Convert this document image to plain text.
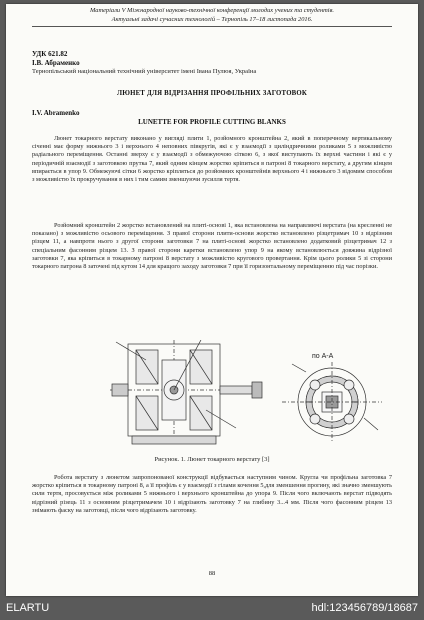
Матеріали V Міжнародної науково-технічної конференції молодих учених та студентів.
Актуальні задачі сучасних технологій – Тернопіль 17–18 листопада 2016.
УДК 621.82
І.В. Абраменко
Тернопільський національний технічний університет імені Івана Пулюя, Україна
ЛЮНЕТ ДЛЯ ВІДРІЗАННЯ ПРОФІЛЬНИХ ЗАГОТОВОК
I.V. Abramenko
LUNETTE FOR PROFILE CUTTING BLANKS

Люнет токарного верстату виконано у вигляді плити 1, розйомного кронштейна 2, який в поперечному вертикальному січенні має форму нижнього 3 і верхнього 4 неповних півкругів, які є у взаємодії з циліндричними роликами 5 з можливістю радіального переміщення. Останні зверху є у взаємодії з обмежуючою сіткою 6, з якої виступають їх верхні частини і які є у періодичній взаємодії з заготовкою прутка 7, який одним кінцем жорстко кріпиться в патроні 8 токарного верстату, а другим кінцем впирається в упор 9. Обмежуючі сітки 6 жорстко кріпляться до розйомних кронштейнів верхнього 4 і нижнього 3 відомим способом з можливістю їх прокручування в них і тим самим зменшуючи зусилля тертя.

Розйомний кронштейн 2 жорстко встановлений на плиті-основі 1, яка встановлена на направляючі верстата (на кресленні не показано) з можливістю осьового переміщення. З правої сторони плити-основи жорстко встановлено різцетримач 10 з відрізним різцем 11, а навпроти нього з другої сторони заготовки 7 на плиті-основі жорстко встановлено додатковий різцетримач 12 з спеціальним фасонним різцем 13. З правої сторони каретки встановлено упор 9 на якому встановлюється довжина відрізної заготовки 7, яка кріпиться в токарному патроні 8 верстату з можливістю кругового провертання. Крім цього ролики 5 зі сторони токарного патрона 8 заточені під кутом 14 для кращого заходу заготовки 7 при її горизонтальному переміщенню під час порізки.

по А-А
Рисунок. 1. Люнет токарного верстату [3]

Робота верстату з люнетом запропонованої конструкції відбувається наступним чином. Кругла чи профільна заготовка 7 жорстко кріпиться в токарному патроні 8, а її профіль є у взаємодії з гілами кочення 5,для зменшення прогину, які значно зменшують сили тертя, просовується між роликами 5 нижнього і верхнього кронштейна до упора 9. Після чого включають верстат підводять відрізний різець 11 з основним різцетримачем 10 і відрізають заготовку 7 на глибину 3...4 мм. Після чого фасонним різцем 13 знімають фаску на заготовці, після чого відрізають заготовку.

88
ELARTU	hdl:123456789/18687
